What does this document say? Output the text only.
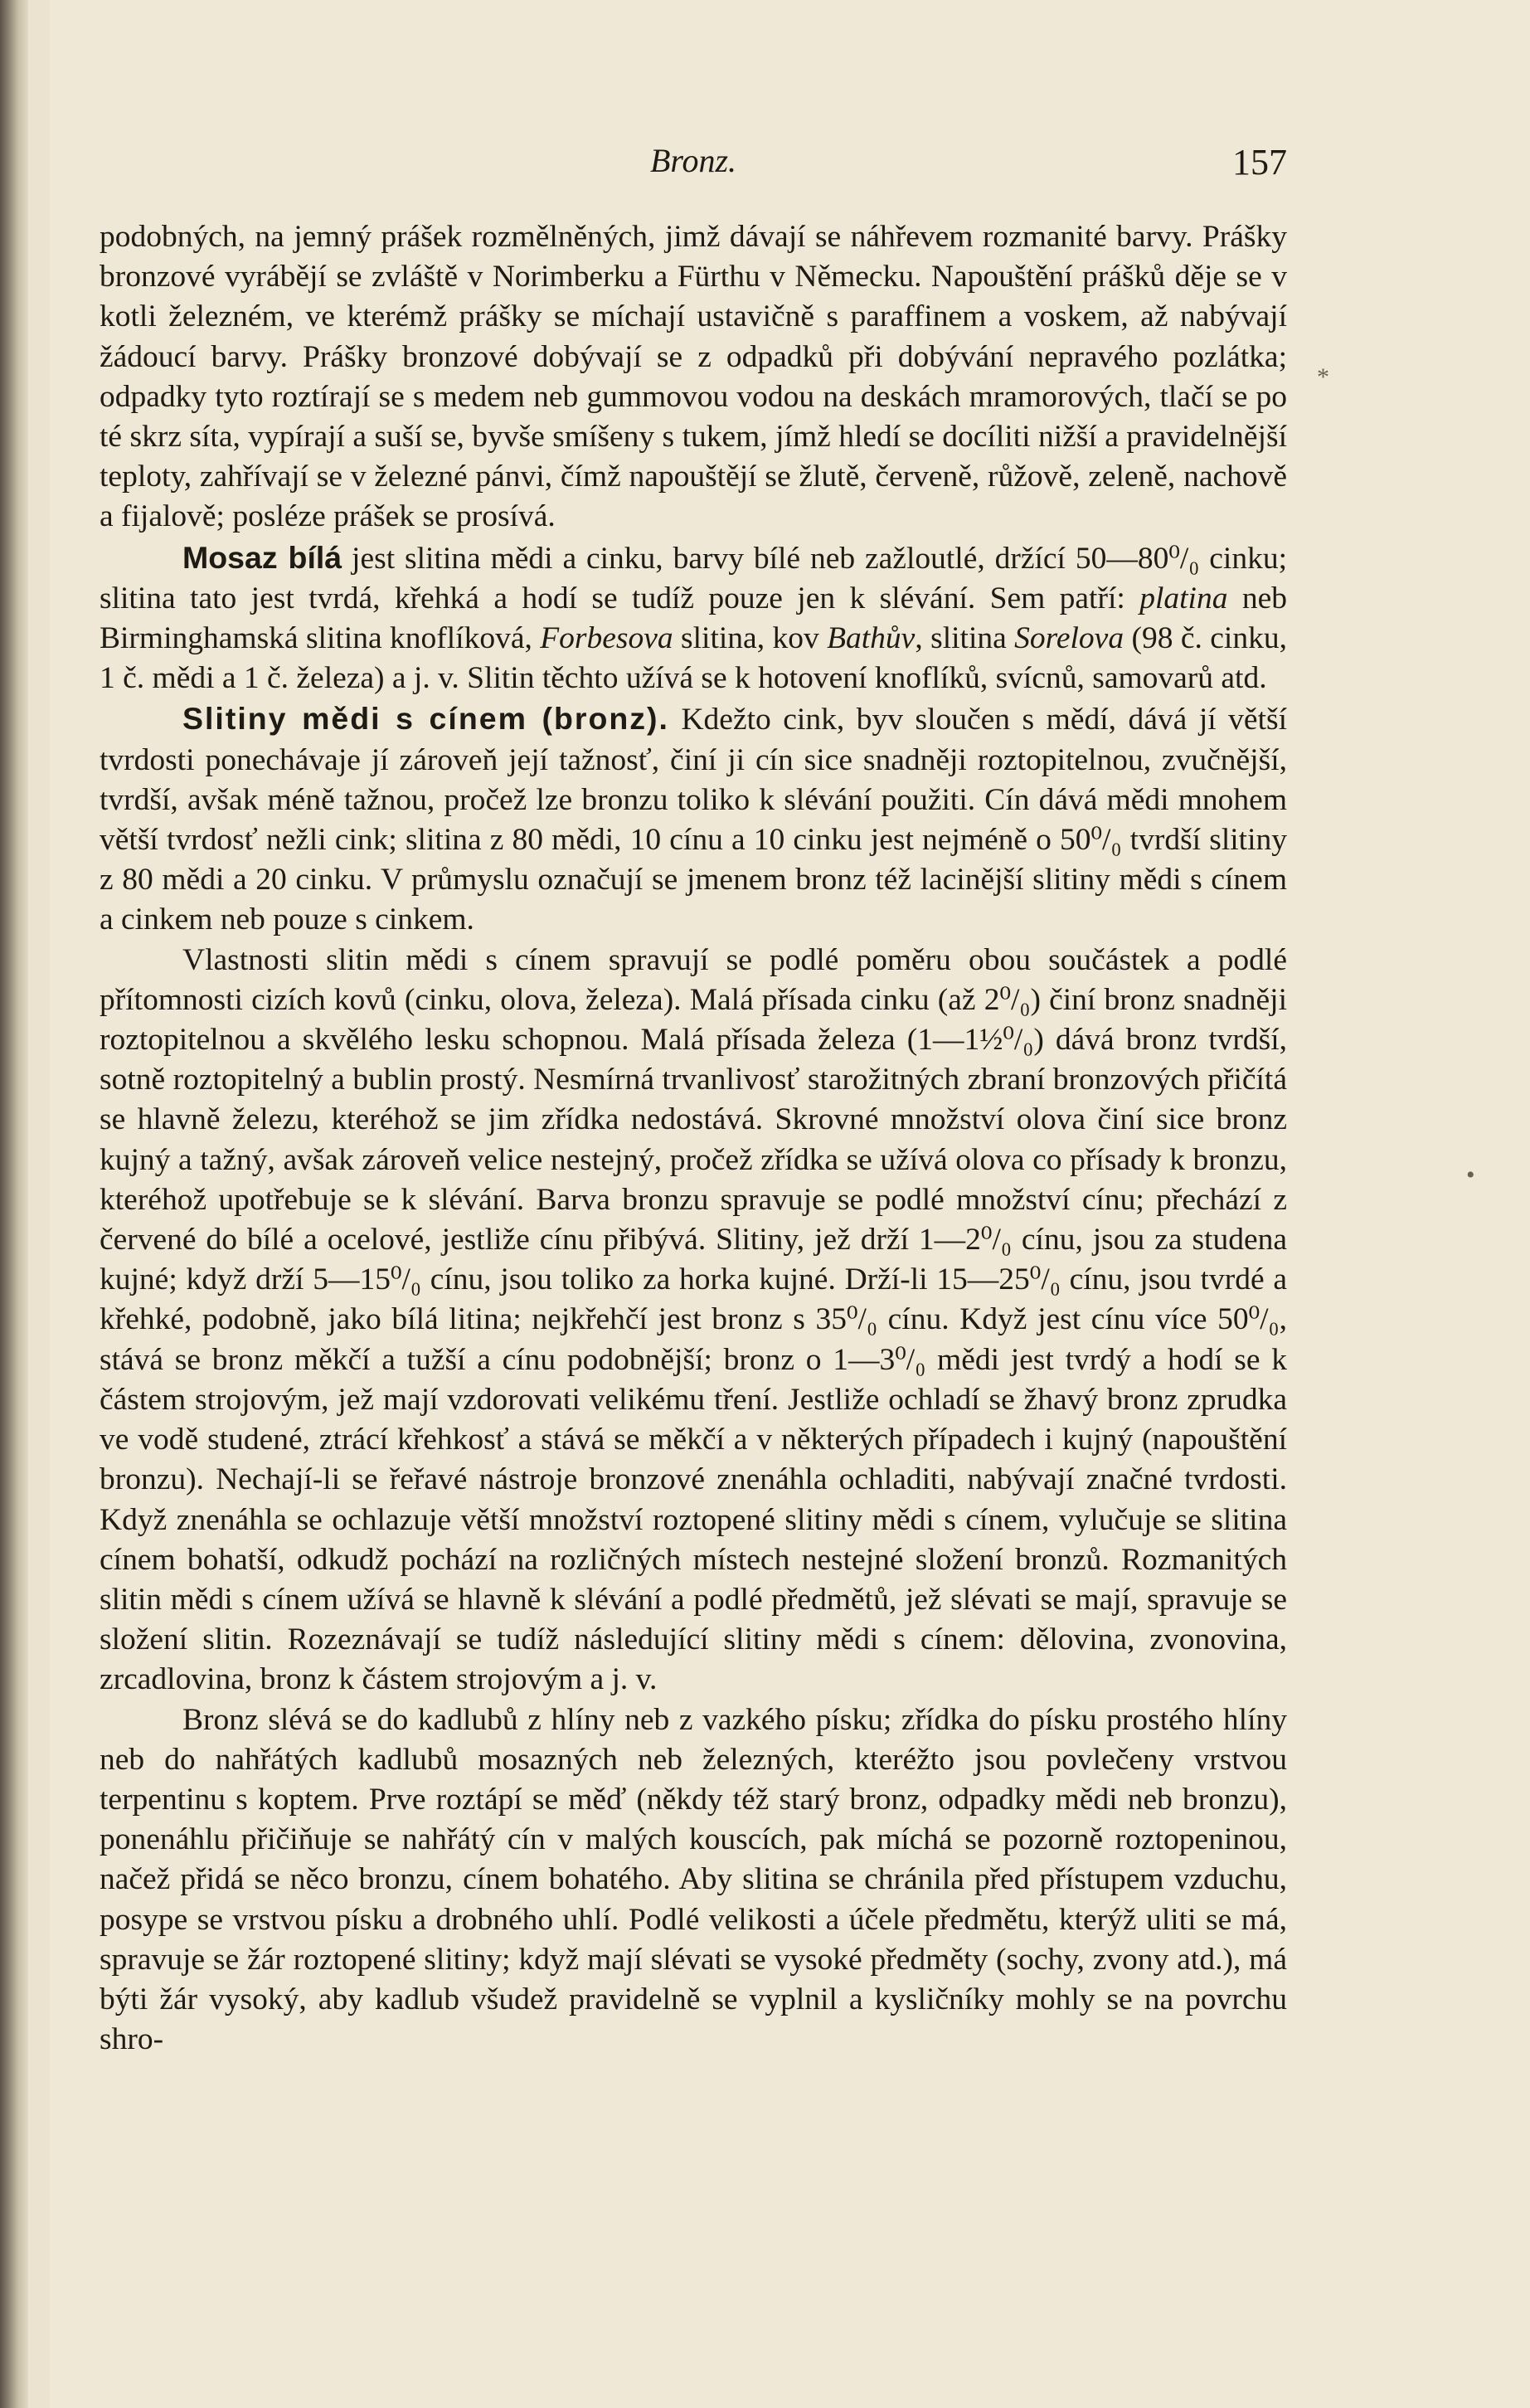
Bronz.	157
*
•

podobných, na jemný prášek rozmělněných, jimž dávají se náhřevem rozmanité barvy. Prášky bronzové vyrábějí se zvláště v Norimberku a Fürthu v Německu. Napouštění prášků děje se v kotli železném, ve kterémž prášky se míchají ustavičně s paraffinem a voskem, až nabývají žádoucí barvy. Prášky bronzové dobývají se z odpadků při dobývání nepravého pozlátka; odpadky tyto roztírají se s medem neb gummovou vodou na deskách mramorových, tlačí se po té skrz síta, vypírají a suší se, byvše smíšeny s tukem, jímž hledí se docíliti nižší a pravidelnější teploty, zahřívají se v železné pánvi, čímž napouštějí se žlutě, červeně, růžově, zeleně, nachově a fijalově; posléze prášek se prosívá.

Mosaz bílá jest slitina mědi a cinku, barvy bílé neb zažloutlé, držící 50—80⁰/₀ cinku; slitina tato jest tvrdá, křehká a hodí se tudíž pouze jen k slévání. Sem patří: platina neb Birminghamská slitina knoflíková, Forbesova slitina, kov Bathův, slitina Sorelova (98 č. cinku, 1 č. mědi a 1 č. železa) a j. v. Slitin těchto užívá se k hotovení knoflíků, svícnů, samovarů atd.

Slitiny mědi s cínem (bronz). Kdežto cink, byv sloučen s mědí, dává jí větší tvrdosti ponechávaje jí zároveň její tažnosť, činí ji cín sice snadněji roztopitelnou, zvučnější, tvrdší, avšak méně tažnou, pročež lze bronzu toliko k slévání použiti. Cín dává mědi mnohem větší tvrdosť nežli cink; slitina z 80 mědi, 10 cínu a 10 cinku jest nejméně o 50⁰/₀ tvrdší slitiny z 80 mědi a 20 cinku. V průmyslu označují se jmenem bronz též lacinější slitiny mědi s cínem a cinkem neb pouze s cinkem.

Vlastnosti slitin mědi s cínem spravují se podlé poměru obou součástek a podlé přítomnosti cizích kovů (cinku, olova, železa). Malá přísada cinku (až 2⁰/₀) činí bronz snadněji roztopitelnou a skvělého lesku schopnou. Malá přísada železa (1—1½⁰/₀) dává bronz tvrdší, sotně roztopitelný a bublin prostý. Nesmírná trvanlivosť starožitných zbraní bronzových přičítá se hlavně železu, kteréhož se jim zřídka nedostává. Skrovné množství olova činí sice bronz kujný a tažný, avšak zároveň velice nestejný, pročež zřídka se užívá olova co přísady k bronzu, kteréhož upotřebuje se k slévání. Barva bronzu spravuje se podlé množství cínu; přechází z červené do bílé a ocelové, jestliže cínu přibývá. Slitiny, jež drží 1—2⁰/₀ cínu, jsou za studena kujné; když drží 5—15⁰/₀ cínu, jsou toliko za horka kujné. Drží-li 15—25⁰/₀ cínu, jsou tvrdé a křehké, podobně, jako bílá litina; nejkřehčí jest bronz s 35⁰/₀ cínu. Když jest cínu více 50⁰/₀, stává se bronz měkčí a tužší a cínu podobnější; bronz o 1—3⁰/₀ mědi jest tvrdý a hodí se k částem strojovým, jež mají vzdorovati velikému tření. Jestliže ochladí se žhavý bronz zprudka ve vodě studené, ztrácí křehkosť a stává se měkčí a v některých případech i kujný (napouštění bronzu). Nechají-li se řeřavé nástroje bronzové znenáhla ochladiti, nabývají značné tvrdosti. Když znenáhla se ochlazuje větší množství roztopené slitiny mědi s cínem, vylučuje se slitina cínem bohatší, odkudž pochází na rozličných místech nestejné složení bronzů. Rozmanitých slitin mědi s cínem užívá se hlavně k slévání a podlé předmětů, jež slévati se mají, spravuje se složení slitin. Rozeznávají se tudíž následující slitiny mědi s cínem: dělovina, zvonovina, zrcadlovina, bronz k částem strojovým a j. v.

Bronz slévá se do kadlubů z hlíny neb z vazkého písku; zřídka do písku prostého hlíny neb do nahřátých kadlubů mosazných neb železných, kteréžto jsou povlečeny vrstvou terpentinu s koptem. Prve roztápí se měď (někdy též starý bronz, odpadky mědi neb bronzu), ponenáhlu přičiňuje se nahřátý cín v malých kouscích, pak míchá se pozorně roztopeninou, načež přidá se něco bronzu, cínem bohatého. Aby slitina se chránila před přístupem vzduchu, posype se vrstvou písku a drobného uhlí. Podlé velikosti a účele předmětu, kterýž uliti se má, spravuje se žár roztopené slitiny; když mají slévati se vysoké předměty (sochy, zvony atd.), má býti žár vysoký, aby kadlub všudež pravidelně se vyplnil a kysličníky mohly se na povrchu shro-
